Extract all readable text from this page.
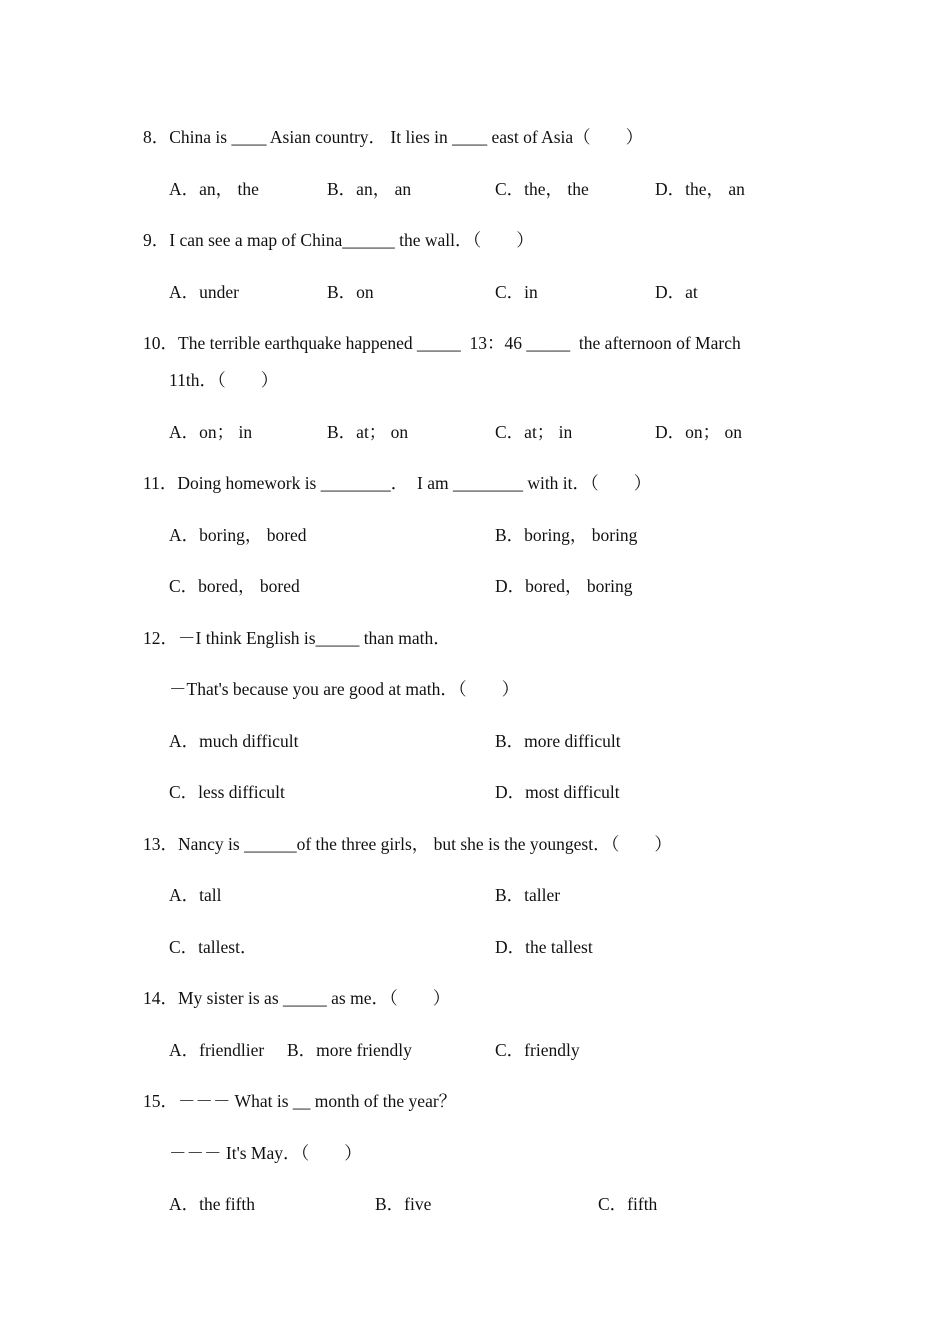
8．China is ____ Asian country． It lies in ____ east of Asia（　　）
A．an， the	B．an， an	C．the， the	D．the， an
9．I can see a map of China______ the wall．（　　）
A．under	B．on	C．in	D．at
10．The terrible earthquake happened _____  13：46 _____  the afternoon of March
11th．（　　）
A．on； in	B．at； on	C．at； in	D．on； on
11．Doing homework is ________．  I am ________ with it．（　　）
A．boring， bored	B．boring， boring
C．bored， bored	D．bored， boring
12．－I think English is_____ than math．
－That's because you are good at math．（　　）
A．much difficult	B．more difficult
C．less difficult	D．most difficult
13．Nancy is ______of the three girls， but she is the youngest．（　　）
A．tall	B．taller
C．tallest．	D．the tallest
14．My sister is as _____ as me．（　　）
A．friendlier B．more friendly	C．friendly
15．－－－ What is __ month of the year？
－－－ It's May．（　　）
A．the fifth	B．five	C．fifth
